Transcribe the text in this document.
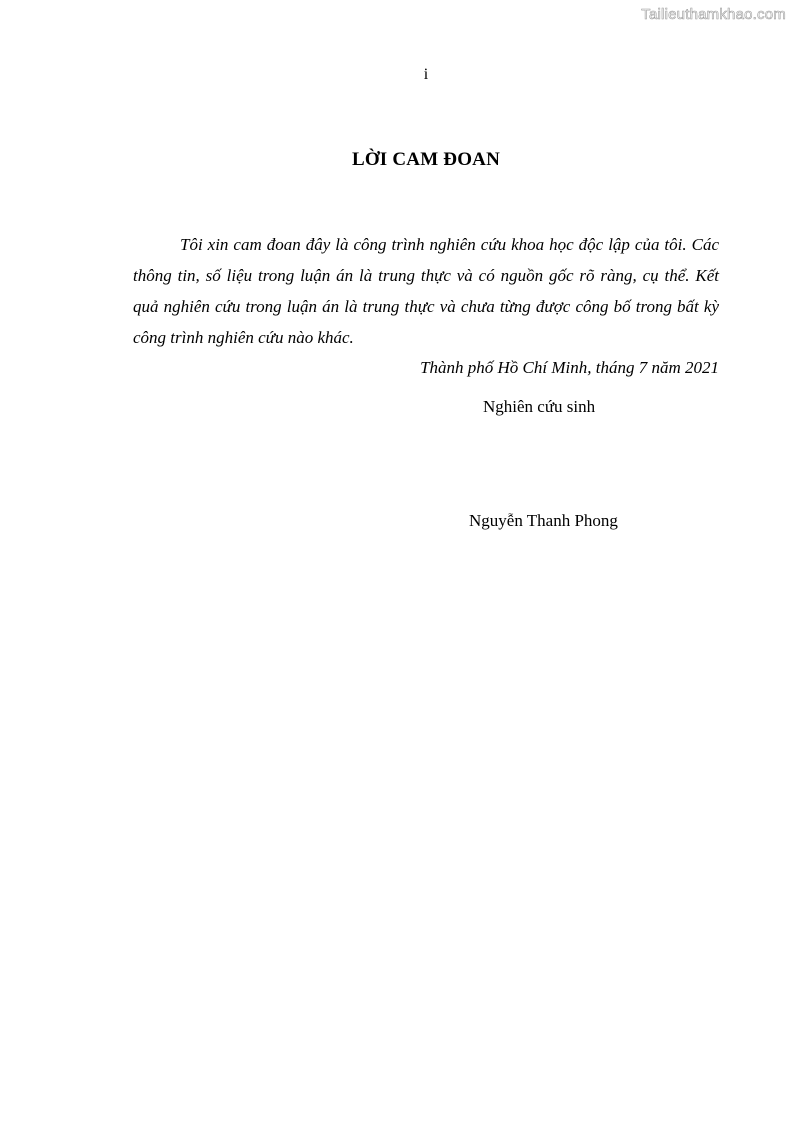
Tailieuthamkhao.com
i
LỜI CAM ĐOAN

Tôi xin cam đoan đây là công trình nghiên cứu khoa học độc lập của tôi. Các thông tin, số liệu trong luận án là trung thực và có nguồn gốc rõ ràng, cụ thể. Kết quả nghiên cứu trong luận án là trung thực và chưa từng được công bố trong bất kỳ công trình nghiên cứu nào khác.

Thành phố Hồ Chí Minh, tháng 7 năm 2021
Nghiên cứu sinh
Nguyễn Thanh Phong
